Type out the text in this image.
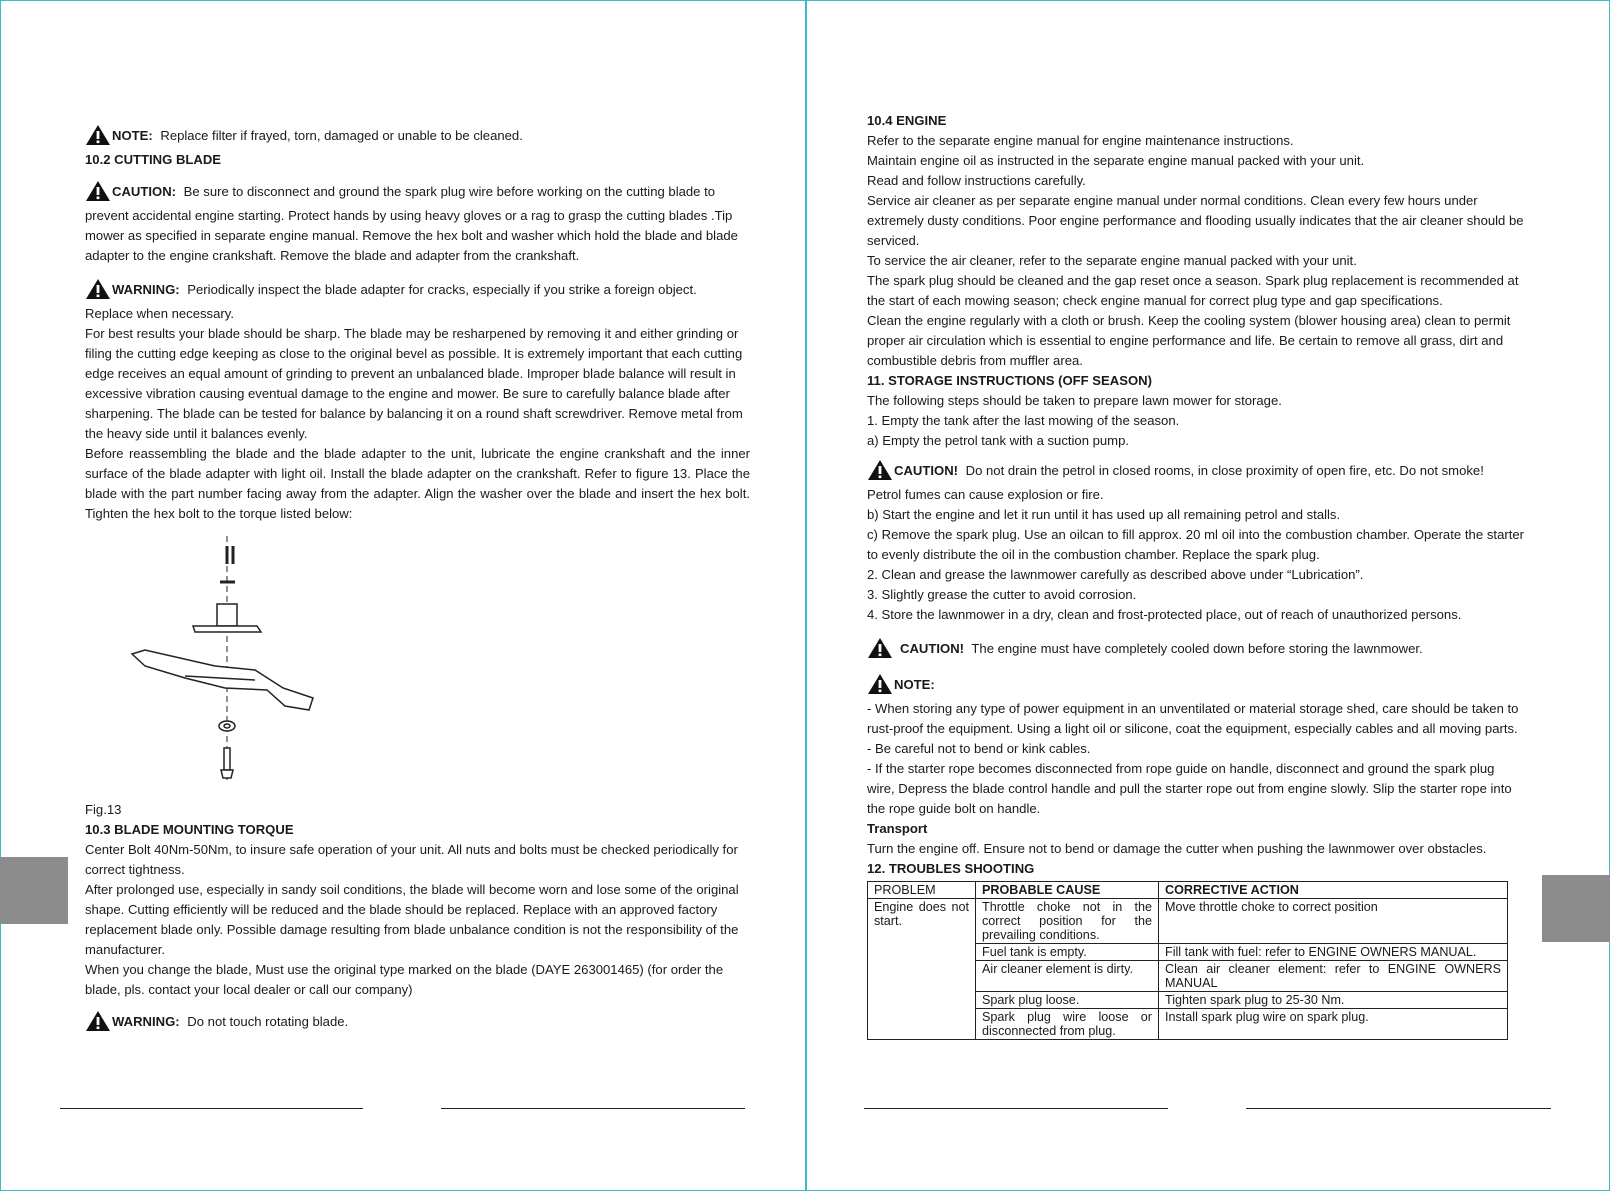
NOTE: Replace filter if frayed, torn, damaged or unable to be cleaned.

10.2 CUTTING BLADE

CAUTION: Be sure to disconnect and ground the spark plug wire before working on the cutting blade to

prevent accidental engine starting. Protect hands by using heavy gloves or a rag to grasp the cutting blades .Tip mower as specified in separate engine manual. Remove the hex bolt and washer which hold the blade and blade adapter to the engine crankshaft. Remove the blade and adapter from the crankshaft.

WARNING: Periodically inspect the blade adapter for cracks, especially if you strike a foreign object.

Replace when necessary.

For best results your blade should be sharp. The blade may be resharpened by removing it and either grinding or filing the cutting edge keeping as close to the original bevel as possible. It is extremely important that each cutting edge receives an equal amount of grinding to prevent an unbalanced blade. Improper blade balance will result in excessive vibration causing eventual damage to the engine and mower. Be sure to carefully balance blade after sharpening. The blade can be tested for balance by balancing it on a round shaft screwdriver. Remove metal from the heavy side until it balances evenly.

Before reassembling the blade and the blade adapter to the unit, lubricate the engine crankshaft and the inner surface of the blade adapter with light oil. Install the blade adapter on the crankshaft. Refer to figure 13. Place the blade with the part number facing away from the adapter. Align the washer over the blade and insert the hex bolt. Tighten the hex bolt to the torque listed below:

Fig.13

10.3 BLADE MOUNTING TORQUE

Center Bolt 40Nm-50Nm, to insure safe operation of your unit. All nuts and bolts must be checked periodically for correct tightness.

After prolonged use, especially in sandy soil conditions, the blade will become worn and lose some of the original shape. Cutting efficiently will be reduced and the blade should be replaced. Replace with an approved factory replacement blade only. Possible damage resulting from blade unbalance condition is not the responsibility of the manufacturer.

When you change the blade, Must use the original type marked on the blade (DAYE 263001465) (for order the blade, pls. contact your local dealer or call our company)

WARNING: Do not touch rotating blade.

10.4 ENGINE

Refer to the separate engine manual for engine maintenance instructions.

Maintain engine oil as instructed in the separate engine manual packed with your unit.

Read and follow instructions carefully.

Service air cleaner as per separate engine manual under normal conditions. Clean every few hours under extremely dusty conditions. Poor engine performance and flooding usually indicates that the air cleaner should be serviced.

To service the air cleaner, refer to the separate engine manual packed with your unit.

The spark plug should be cleaned and the gap reset once a season. Spark plug replacement is recommended at the start of each mowing season; check engine manual for correct plug type and gap specifications.

Clean the engine regularly with a cloth or brush. Keep the cooling system (blower housing area) clean to permit proper air circulation which is essential to engine performance and life. Be certain to remove all grass, dirt and combustible debris from muffler area.

11. STORAGE INSTRUCTIONS (OFF SEASON)

The following steps should be taken to prepare lawn mower for storage.

1. Empty the tank after the last mowing of the season.

a) Empty the petrol tank with a suction pump.

CAUTION! Do not drain the petrol in closed rooms, in close proximity of open fire, etc. Do not smoke!

Petrol fumes can cause explosion or fire.

b) Start the engine and let it run until it has used up all remaining petrol and stalls.

c) Remove the spark plug. Use an oilcan to fill approx. 20 ml oil into the combustion chamber. Operate the starter to evenly distribute the oil in the combustion chamber. Replace the spark plug.

2. Clean and grease the lawnmower carefully as described above under “Lubrication”.

3. Slightly grease the cutter to avoid corrosion.

4. Store the lawnmower in a dry, clean and frost-protected place, out of reach of unauthorized persons.

CAUTION! The engine must have completely cooled down before storing the lawnmower.
NOTE:

- When storing any type of power equipment in an unventilated or material storage shed, care should be taken to rust-proof the equipment. Using a light oil or silicone, coat the equipment, especially cables and all moving parts.

- Be careful not to bend or kink cables.

- If the starter rope becomes disconnected from rope guide on handle, disconnect and ground the spark plug wire, Depress the blade control handle and pull the starter rope out from engine slowly. Slip the starter rope into the rope guide bolt on handle.

Transport

Turn the engine off. Ensure not to bend or damage the cutter when pushing the lawnmower over obstacles.

12. TROUBLES SHOOTING

PROBLEM	PROBABLE CAUSE	CORRECTIVE ACTION
Engine does not start.	Throttle choke not in the correct position for the prevailing conditions.	Move throttle choke to correct position
	Fuel tank is empty.	Fill tank with fuel: refer to ENGINE OWNERS MANUAL.
	Air cleaner element is dirty.	Clean air cleaner element: refer to ENGINE OWNERS MANUAL
	Spark plug loose.	Tighten spark plug to 25-30 Nm.
	Spark plug wire loose or disconnected from plug.	Install spark plug wire on spark plug.
